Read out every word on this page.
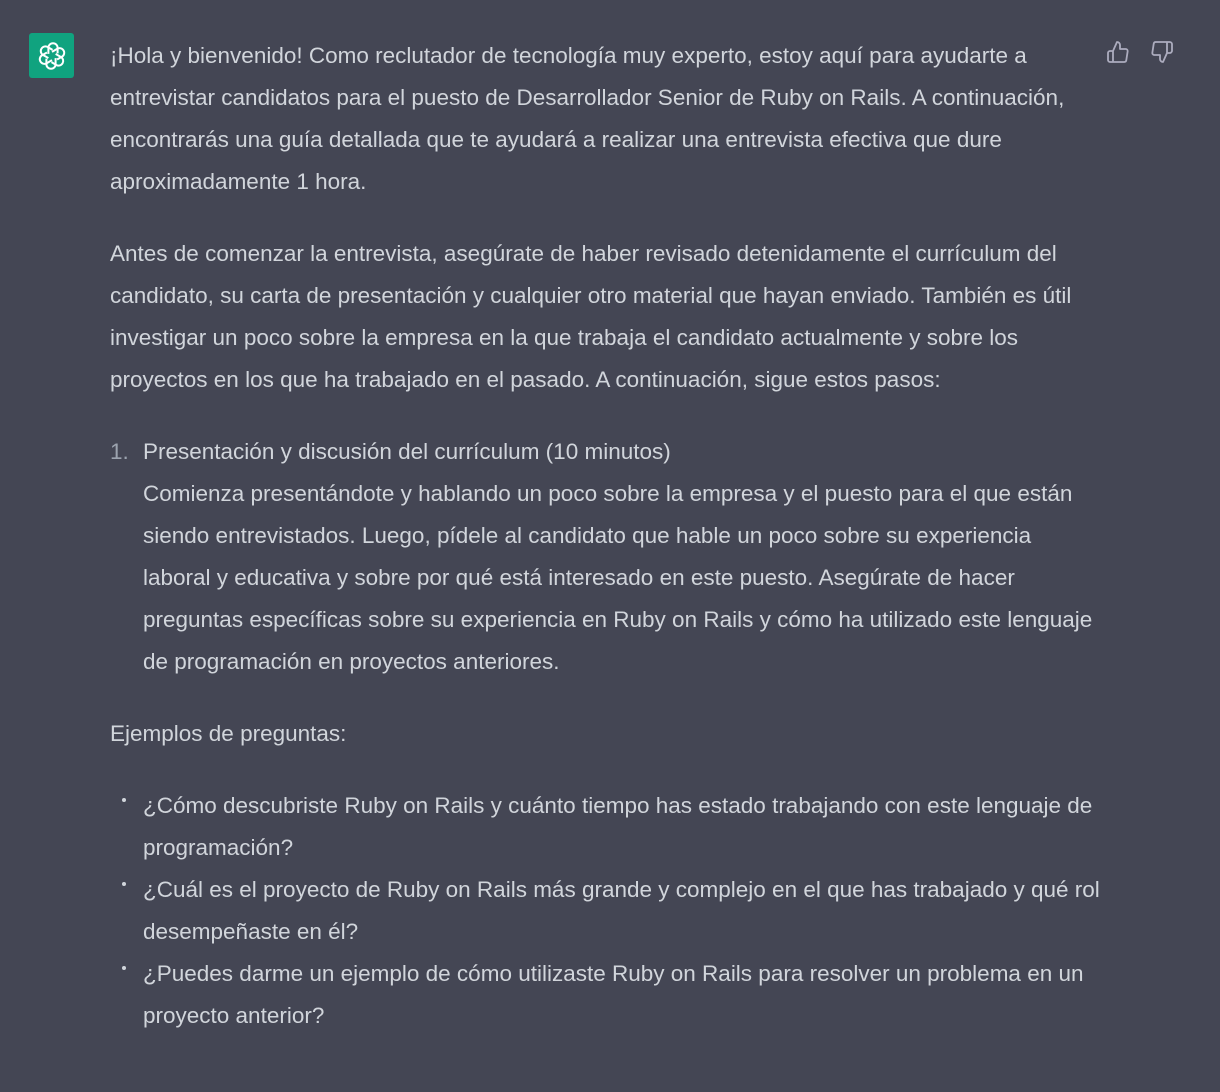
¡Hola y bienvenido! Como reclutador de tecnología muy experto, estoy aquí para ayudarte a entrevistar candidatos para el puesto de Desarrollador Senior de Ruby on Rails. A continuación, encontrarás una guía detallada que te ayudará a realizar una entrevista efectiva que dure aproximadamente 1 hora.

Antes de comenzar la entrevista, asegúrate de haber revisado detenidamente el currículum del candidato, su carta de presentación y cualquier otro material que hayan enviado. También es útil investigar un poco sobre la empresa en la que trabaja el candidato actualmente y sobre los proyectos en los que ha trabajado en el pasado. A continuación, sigue estos pasos:

1. Presentación y discusión del currículum (10 minutos)
Comienza presentándote y hablando un poco sobre la empresa y el puesto para el que están siendo entrevistados. Luego, pídele al candidato que hable un poco sobre su experiencia laboral y educativa y sobre por qué está interesado en este puesto. Asegúrate de hacer preguntas específicas sobre su experiencia en Ruby on Rails y cómo ha utilizado este lenguaje de programación en proyectos anteriores.

Ejemplos de preguntas:

¿Cómo descubriste Ruby on Rails y cuánto tiempo has estado trabajando con este lenguaje de programación?
¿Cuál es el proyecto de Ruby on Rails más grande y complejo en el que has trabajado y qué rol desempeñaste en él?
¿Puedes darme un ejemplo de cómo utilizaste Ruby on Rails para resolver un problema en un proyecto anterior?
